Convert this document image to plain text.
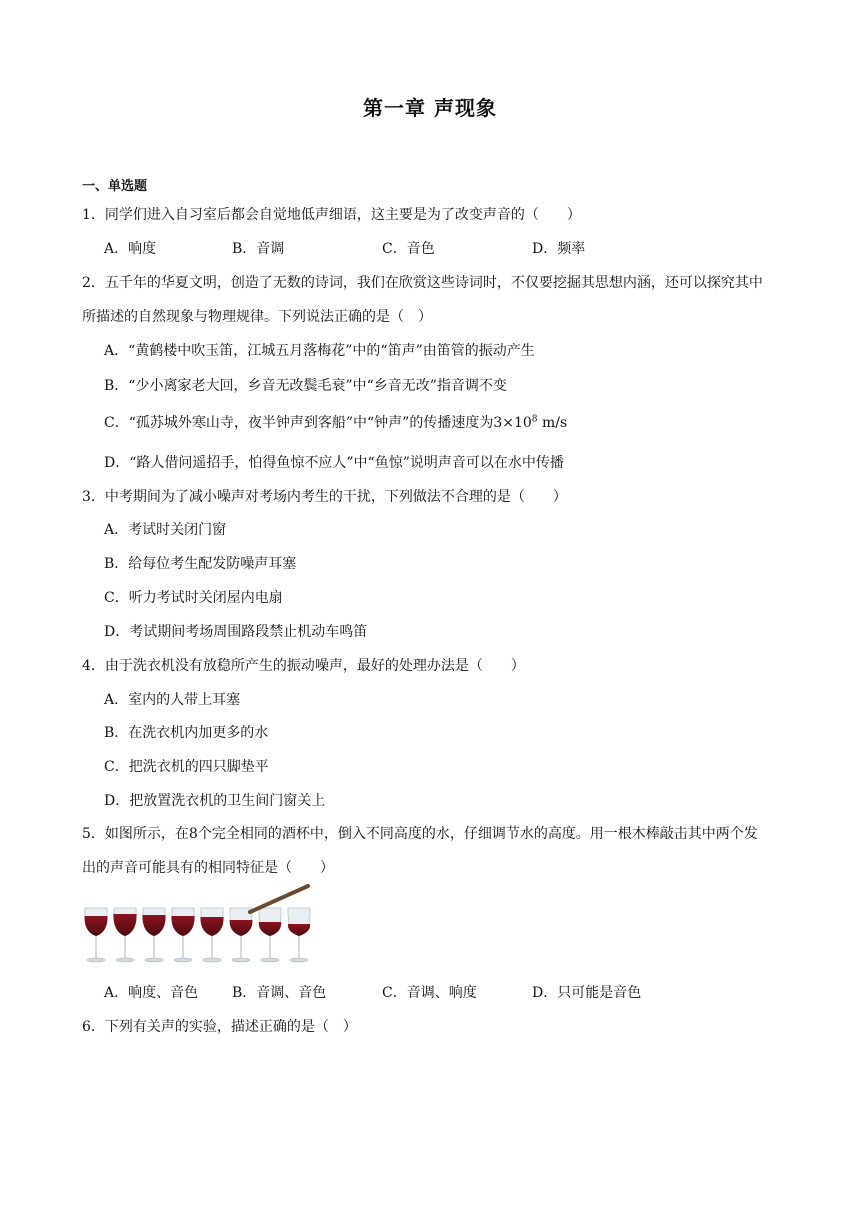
第一章 声现象
一、单选题
1．同学们进入自习室后都会自觉地低声细语，这主要是为了改变声音的（　　）
A．响度	B．音调	C．音色	D．频率
2．五千年的华夏文明，创造了无数的诗词，我们在欣赏这些诗词时，不仅要挖掘其思想内涵，还可以探究其中
所描述的自然现象与物理规律。下列说法正确的是（　）
A．“黄鹤楼中吹玉笛，江城五月落梅花”中的“笛声”由笛管的振动产生
B．“少小离家老大回，乡音无改鬓毛衰”中“乡音无改”指音调不变
C．“孤苏城外寒山寺，夜半钟声到客船”中“钟声”的传播速度为$3\times 10^8$ m/s
D．“路人借问遥招手，怕得鱼惊不应人”中“鱼惊”说明声音可以在水中传播
3．中考期间为了减小噪声对考场内考生的干扰，下列做法不合理的是（　　）
A．考试时关闭门窗
B．给每位考生配发防噪声耳塞
C．听力考试时关闭屋内电扇
D．考试期间考场周围路段禁止机动车鸣笛
4．由于洗衣机没有放稳所产生的振动噪声，最好的处理办法是（　　）
A．室内的人带上耳塞
B．在洗衣机内加更多的水
C．把洗衣机的四只脚垫平
D．把放置洗衣机的卫生间门窗关上
5．如图所示，在8个完全相同的酒杯中，倒入不同高度的水，仔细调节水的高度。用一根木棒敲击其中两个发
出的声音可能具有的相同特征是（　　）
A．响度、音色 B．音调、音色	C．音调、响度	D．只可能是音色
6．下列有关声的实验，描述正确的是（　）
